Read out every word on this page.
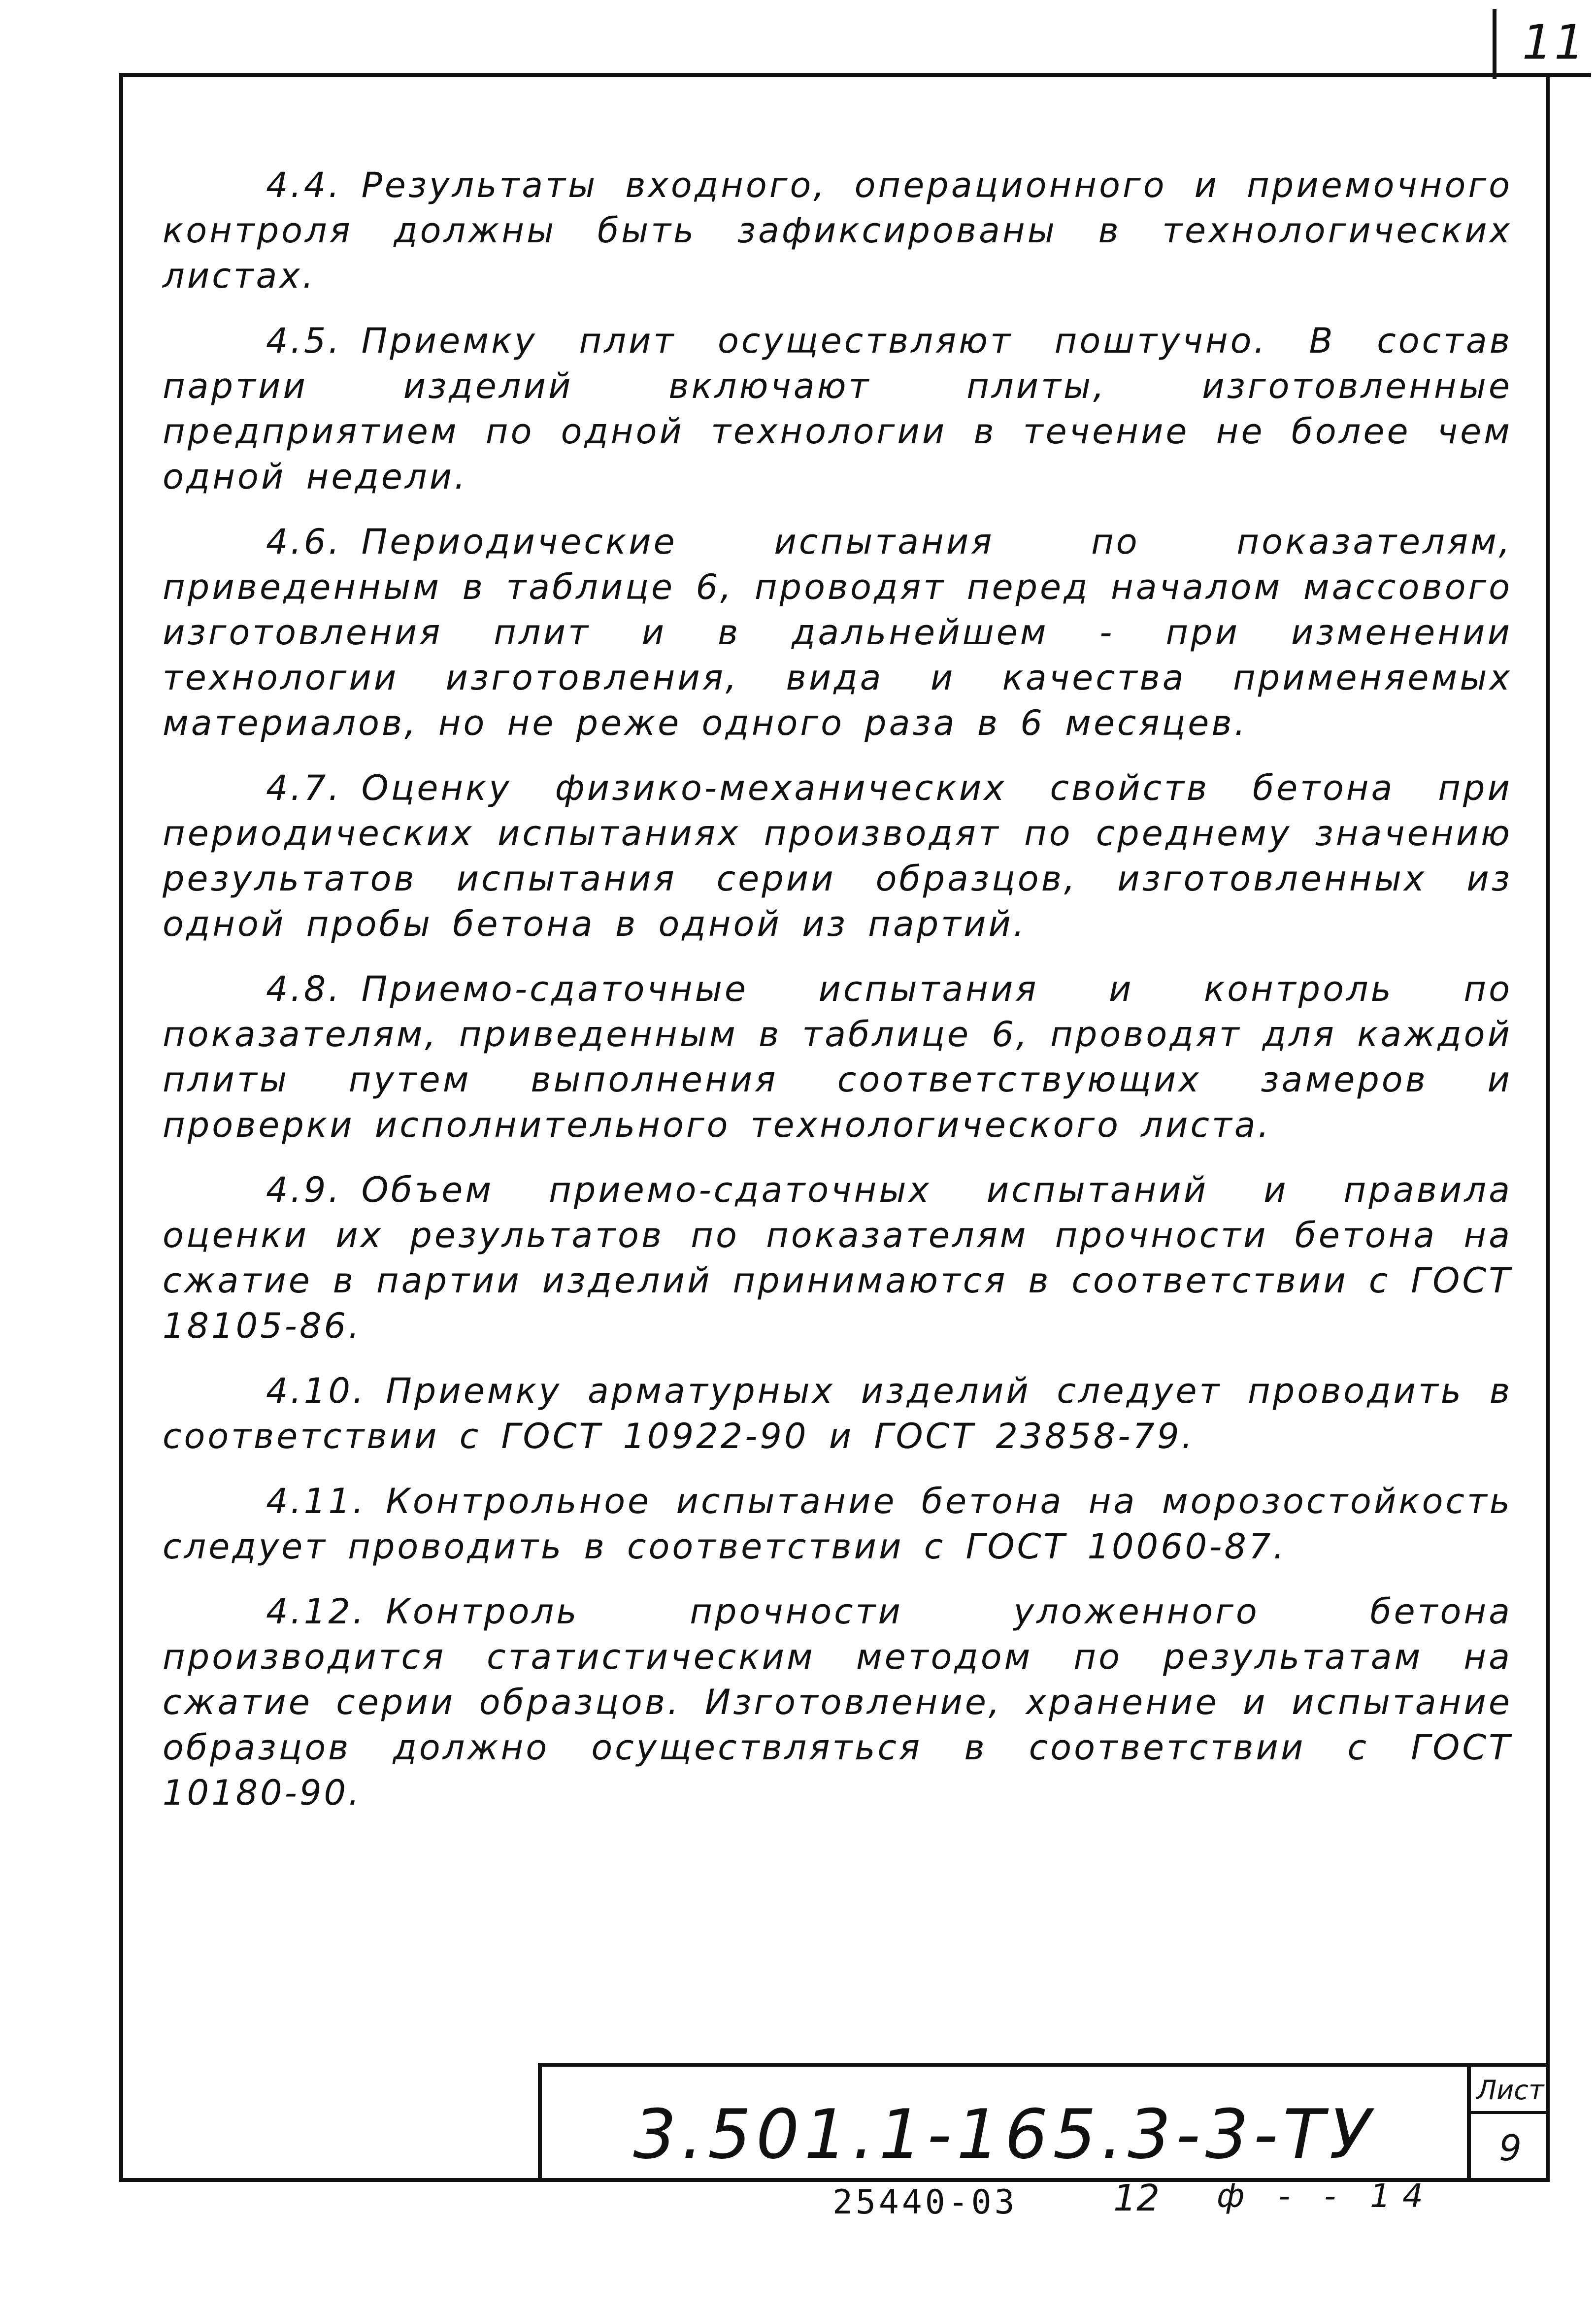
11

4.4. Результаты входного, операционного и приемочного контроля должны быть зафиксированы в технологических листах.

4.5. Приемку плит осуществляют поштучно. В состав партии изделий включают плиты, изготовленные предприятием по одной технологии в течение не более чем одной недели.

4.6. Периодические испытания по показателям, приведенным в таблице 6, проводят перед началом массового изготовления плит и в дальнейшем - при изменении технологии изготовления, вида и качества применяемых материалов, но не реже одного раза в 6 месяцев.

4.7. Оценку физико-механических свойств бетона при периодических испытаниях производят по среднему значению результатов испытания серии образцов, изготовленных из одной пробы бетона в одной из партий.

4.8. Приемо-сдаточные испытания и контроль по показателям, приведенным в таблице 6, проводят для каждой плиты путем выполнения соответствующих замеров и проверки исполнительного технологического листа.

4.9. Объем приемо-сдаточных испытаний и правила оценки их результатов по показателям прочности бетона на сжатие в партии изделий принимаются в соответствии с ГОСТ 18105-86.

4.10. Приемку арматурных изделий следует проводить в соответствии с ГОСТ 10922-90 и ГОСТ 23858-79.

4.11. Контрольное испытание бетона на морозостойкость следует проводить в соответствии с ГОСТ 10060-87.

4.12. Контроль прочности уложенного бетона производится статистическим методом по результатам на сжатие серии образцов. Изготовление, хранение и испытание образцов должно осуществляться в соответствии с ГОСТ 10180-90.

3.501.1-165.3-3-ТУ
Лист
9
25440-03	12 ф - - 14
